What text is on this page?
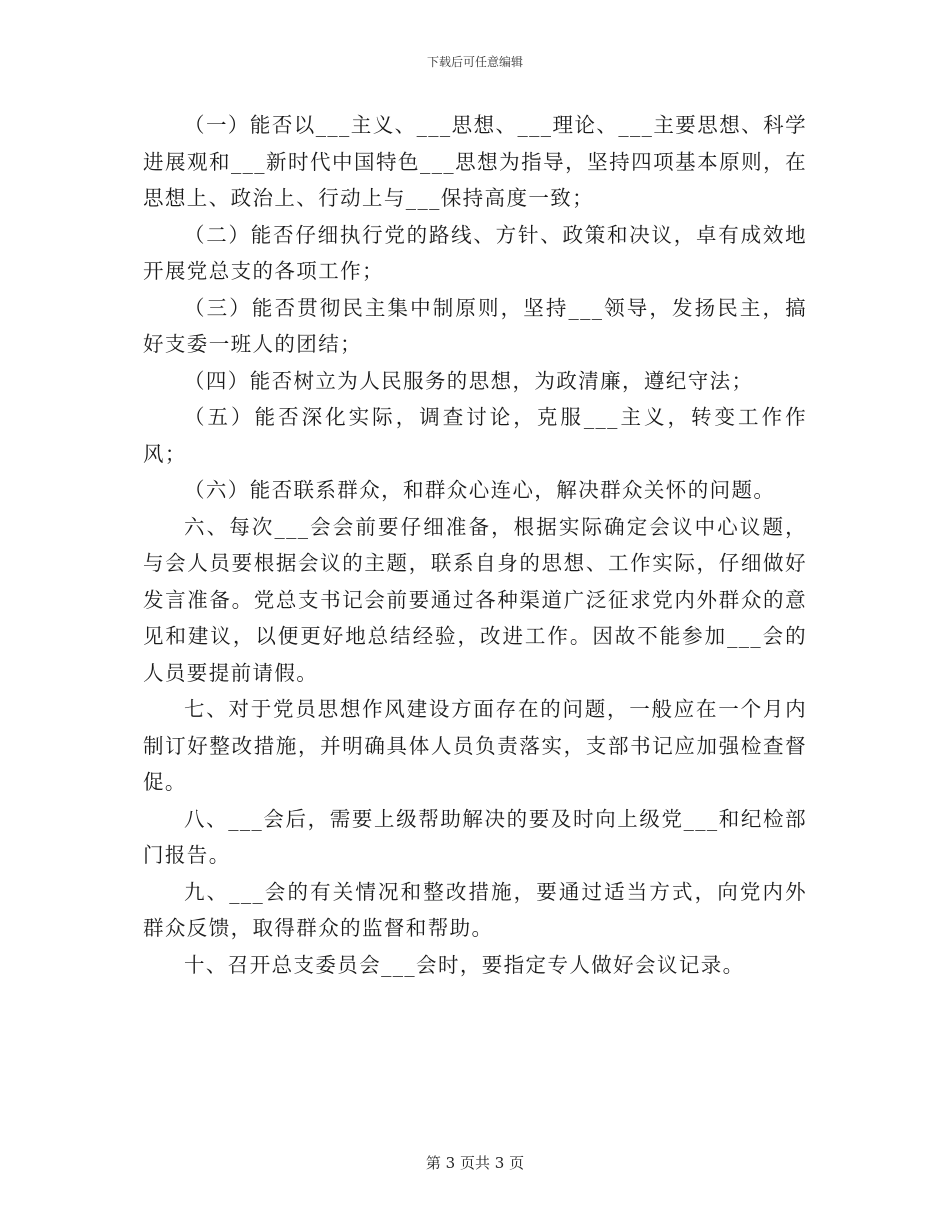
下载后可任意编辑

（一）能否以___主义、___思想、___理论、___主要思想、科学进展观和___新时代中国特色___思想为指导，坚持四项基本原则，在思想上、政治上、行动上与___保持高度一致；

（二）能否仔细执行党的路线、方针、政策和决议，卓有成效地开展党总支的各项工作；

（三）能否贯彻民主集中制原则，坚持___领导，发扬民主，搞好支委一班人的团结；

（四）能否树立为人民服务的思想，为政清廉，遵纪守法；

（五）能否深化实际，调查讨论，克服___主义，转变工作作风；

（六）能否联系群众，和群众心连心，解决群众关怀的问题。

六、每次___会会前要仔细准备，根据实际确定会议中心议题，与会人员要根据会议的主题，联系自身的思想、工作实际，仔细做好发言准备。党总支书记会前要通过各种渠道广泛征求党内外群众的意见和建议，以便更好地总结经验，改进工作。因故不能参加___会的人员要提前请假。

七、对于党员思想作风建设方面存在的问题，一般应在一个月内制订好整改措施，并明确具体人员负责落实，支部书记应加强检查督促。

八、___会后，需要上级帮助解决的要及时向上级党___和纪检部门报告。

九、___会的有关情况和整改措施，要通过适当方式，向党内外群众反馈，取得群众的监督和帮助。

十、召开总支委员会___会时，要指定专人做好会议记录。

第 3 页共 3 页
